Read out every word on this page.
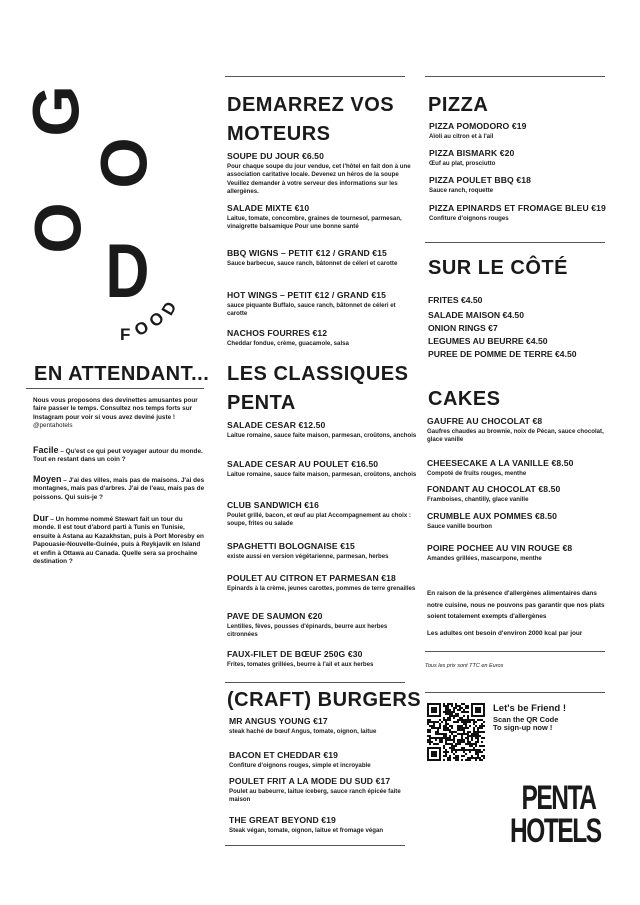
G
O
O
D
F O
O
D
EN ATTENDANT...
Nous vous proposons des devinettes amusantes pour faire passer le temps. Consultez nos temps forts sur Instagram pour voir si vous avez deviné juste !
@pentahotels
Facile – Qu'est ce qui peut voyager autour du monde. Tout en restant dans un coin ?
Moyen – J'ai des villes, mais pas de maisons. J'ai des montagnes, mais pas d'arbres. J'ai de l'eau, mais pas de poissons. Qui suis-je ?
Dur – Un homme nommé Stewart fait un tour du monde. Il est tout d'abord parti à Tunis en Tunisie, ensuite à Astana au Kazakhstan, puis à Port Moresby en Papouasie-Nouvelle-Guinée, puis à Reykjavik en Island et enfin à Ottawa au Canada. Quelle sera sa prochaine destination ?
DEMARREZ VOS
MOTEURS
LES CLASSIQUES
PENTA
(CRAFT) BURGERS
PIZZA
SUR LE CÔTÉ
CAKES
SOUPE DU JOUR €6.50
Pour chaque soupe du jour vendue, cet l'hôtel en fait don à une association caritative locale. Devenez un héros de la soupe Veuillez demander à votre serveur des informations sur les allergènes.
SALADE MIXTE €10
Laitue, tomate, concombre, graines de tournesol, parmesan, vinaigrette balsamique Pour une bonne santé
BBQ WIGNS – PETIT €12 / GRAND €15
Sauce barbecue, sauce ranch, bâtonnet de céleri et carotte
HOT WINGS – PETIT €12 / GRAND €15
sauce piquante Buffalo, sauce ranch, bâtonnet de céleri et carotte
NACHOS FOURRES €12
Cheddar fondue, crème, guacamole, salsa
SALADE CESAR €12.50
Laitue romaine, sauce faite maison, parmesan, croûtons, anchois
SALADE CESAR AU POULET €16.50
Laitue romaine, sauce faite maison, parmesan, croûtons, anchois
CLUB SANDWICH €16
Poulet grillé, bacon, et œuf au plat Accompagnement au choix : soupe, frites ou salade
SPAGHETTI BOLOGNAISE €15
existe aussi en version végétarienne, parmesan, herbes
POULET AU CITRON ET PARMESAN €18
Epinards à la crème, jeunes carottes, pommes de terre grenailles
PAVE DE SAUMON €20
Lentilles, fèves, pousses d'épinards, beurre aux herbes citronnées
FAUX-FILET DE BŒUF 250G €30
Frites, tomates grillées, beurre à l'ail et aux herbes
MR ANGUS YOUNG €17
steak haché de bœuf Angus, tomate, oignon, laitue
BACON ET CHEDDAR €19
Confiture d'oignons rouges, simple et incroyable
POULET FRIT A LA MODE DU SUD €17
Poulet au babeurre, laitue iceberg, sauce ranch épicée faite maison
THE GREAT BEYOND €19
Steak végan, tomate, oignon, laitue et fromage végan
PIZZA POMODORO €19
Aïoli au citron et à l'ail
PIZZA BISMARK €20
Œuf au plat, prosciutto
PIZZA POULET BBQ €18
Sauce ranch, roquette
PIZZA EPINARDS ET FROMAGE BLEU €19
Confiture d'oignons rouges
GAUFRE AU CHOCOLAT €8
Gaufres chaudes au brownie, noix de Pécan, sauce chocolat, glace vanille
CHEESECAKE A LA VANILLE €8.50
Compoté de fruits rouges, menthe
FONDANT AU CHOCOLAT €8.50
Framboises, chantilly, glace vanille
CRUMBLE AUX POMMES €8.50
Sauce vanille bourbon
POIRE POCHEE AU VIN ROUGE €8
Amandes grillées, mascarpone, menthe
FRITES €4.50
SALADE MAISON €4.50
ONION RINGS €7
LEGUMES AU BEURRE €4.50
PUREE DE POMME DE TERRE €4.50
En raison de la présence d'allergènes alimentaires dans notre cuisine, nous ne pouvons pas garantir que nos plats soient totalement exempts d'allergènes
Les adultes ont besoin d'environ 2000 kcal par jour
Tous les prix sont TTC en Euros
Let's be Friend !
Scan the QR Code
To sign-up now !
PENTA
HOTELS
